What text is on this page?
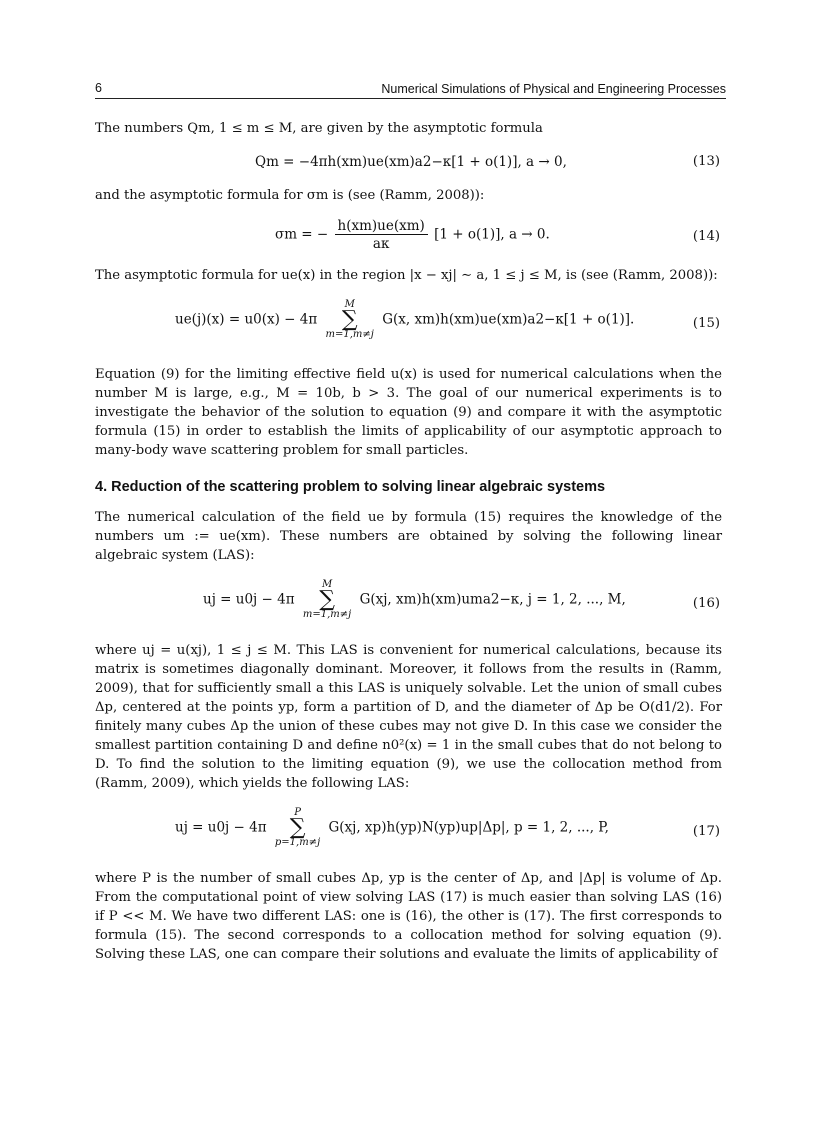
6	Numerical Simulations of Physical and Engineering Processes

The numbers Qm, 1 ≤ m ≤ M, are given by the asymptotic formula

Qm = −4πh(xm)ue(xm)a2−κ[1 + o(1)], a → 0,	(13)

and the asymptotic formula for σm is (see (Ramm, 2008)):

σm = − $\frac{h(xm)ue(xm)}{a\kappa} [1 + o(1)]$, a → 0.	(14)

The asymptotic formula for ue(x) in the region |x − xj| ∼ a, 1 ≤ j ≤ M, is (see (Ramm, 2008)):

ue(j)(x) = u0(x) − 4π
M
∑
m=1,m≠j
G(x, xm)h(xm)ue(xm)a2−κ[1 + o(1)].	(15)

Equation (9) for the limiting effective field u(x) is used for numerical calculations when the number M is large, e.g., M = 10b, b > 3. The goal of our numerical experiments is to investigate the behavior of the solution to equation (9) and compare it with the asymptotic formula (15) in order to establish the limits of applicability of our asymptotic approach to many-body wave scattering problem for small particles.

4. Reduction of the scattering problem to solving linear algebraic systems

The numerical calculation of the field ue by formula (15) requires the knowledge of the numbers um := ue(xm). These numbers are obtained by solving the following linear algebraic system (LAS):

uj = u0j − 4π
M
∑
m=1,m≠j
G(xj, xm)h(xm)uma2−κ, j = 1, 2, ..., M,	(16)

where uj = u(xj), 1 ≤ j ≤ M. This LAS is convenient for numerical calculations, because its matrix is sometimes diagonally dominant. Moreover, it follows from the results in (Ramm, 2009), that for sufficiently small a this LAS is uniquely solvable. Let the union of small cubes Δp, centered at the points yp, form a partition of D, and the diameter of Δp be O(d1/2). For finitely many cubes Δp the union of these cubes may not give D. In this case we consider the smallest partition containing D and define n0²(x) = 1 in the small cubes that do not belong to D. To find the solution to the limiting equation (9), we use the collocation method from (Ramm, 2009), which yields the following LAS:

uj = u0j − 4π
P
∑
p=1,m≠j
G(xj, xp)h(yp)N(yp)up|Δp|, p = 1, 2, ..., P,	(17)

where P is the number of small cubes Δp, yp is the center of Δp, and |Δp| is volume of Δp. From the computational point of view solving LAS (17) is much easier than solving LAS (16) if P << M. We have two different LAS: one is (16), the other is (17). The first corresponds to formula (15). The second corresponds to a collocation method for solving equation (9). Solving these LAS, one can compare their solutions and evaluate the limits of applicability of
